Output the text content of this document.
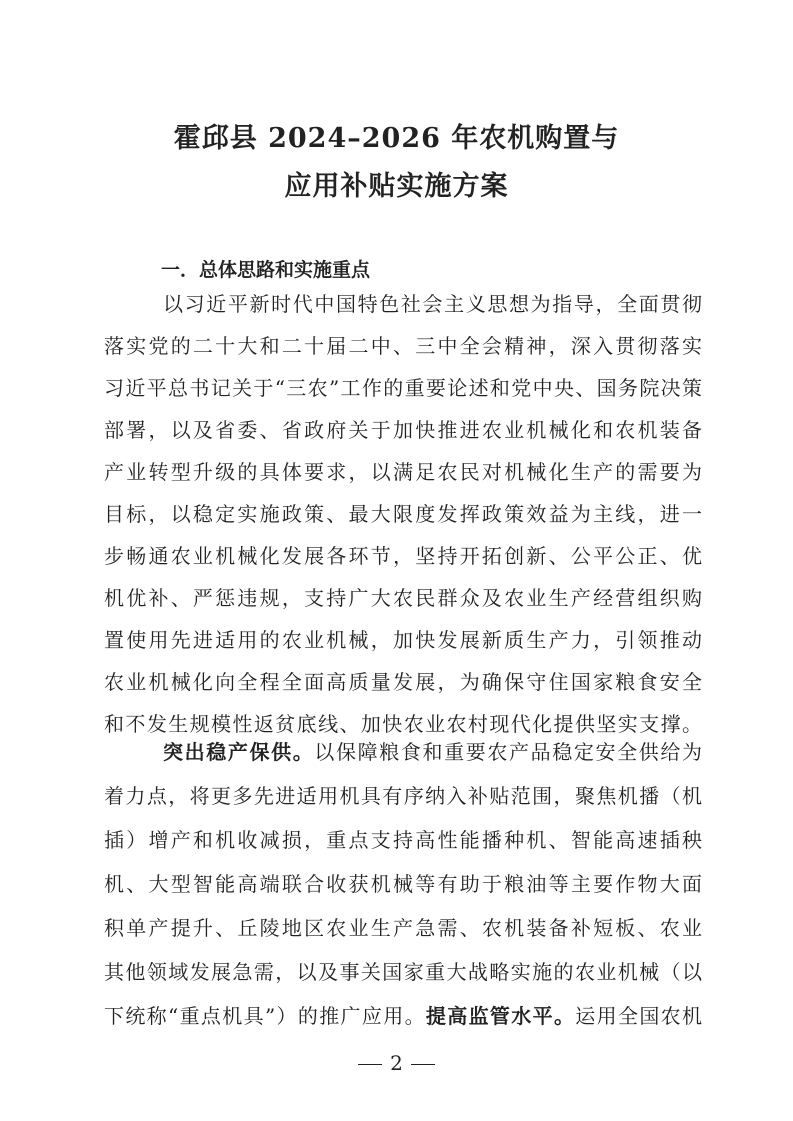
霍邱县 2024–2026 年农机购置与
应用补贴实施方案
一．总体思路和实施重点

以习近平新时代中国特色社会主义思想为指导，全面贯彻

落实党的二十大和二十届二中、三中全会精神，深入贯彻落实

习近平总书记关于“三农”工作的重要论述和党中央、国务院决策

部署，以及省委、省政府关于加快推进农业机械化和农机装备

产业转型升级的具体要求，以满足农民对机械化生产的需要为

目标，以稳定实施政策、最大限度发挥政策效益为主线，进一

步畅通农业机械化发展各环节，坚持开拓创新、公平公正、优

机优补、严惩违规，支持广大农民群众及农业生产经营组织购

置使用先进适用的农业机械，加快发展新质生产力，引领推动

农业机械化向全程全面高质量发展，为确保守住国家粮食安全

和不发生规模性返贫底线、加快农业农村现代化提供坚实支撑。

突出稳产保供。以保障粮食和重要农产品稳定安全供给为

着力点，将更多先进适用机具有序纳入补贴范围，聚焦机播（机

插）增产和机收减损，重点支持高性能播种机、智能高速插秧

机、大型智能高端联合收获机械等有助于粮油等主要作物大面

积单产提升、丘陵地区农业生产急需、农机装备补短板、农业

其他领域发展急需，以及事关国家重大战略实施的农业机械（以

下统称“重点机具”）的推广应用。提高监管水平。运用全国农机

2
